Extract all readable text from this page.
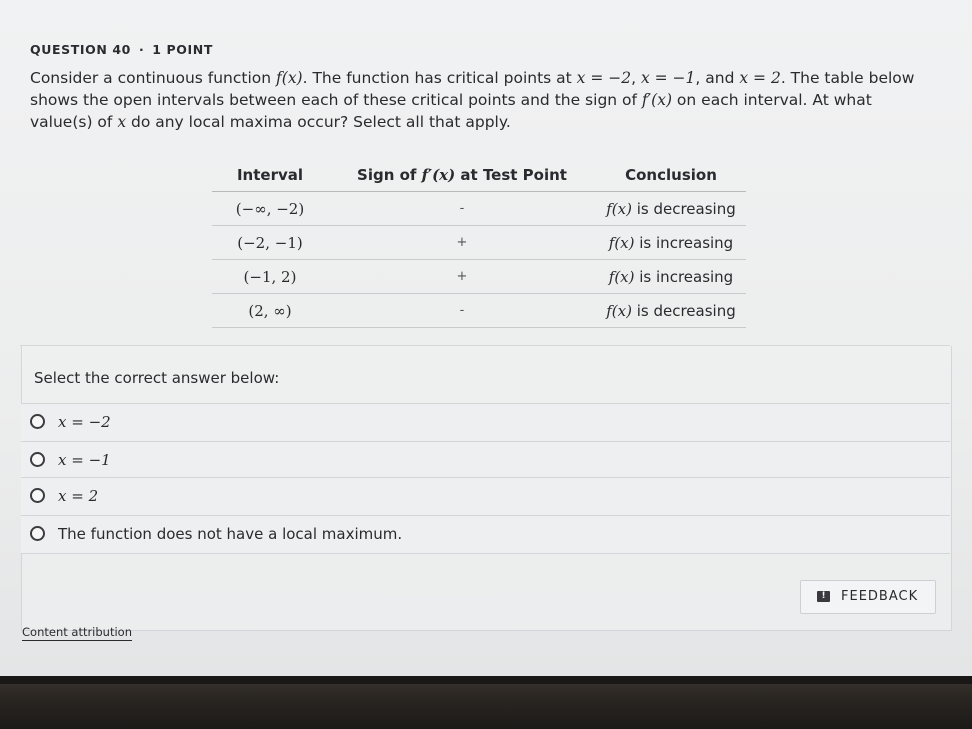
QUESTION 40 · 1 POINT
Consider a continuous function f(x). The function has critical points at x = −2, x = −1, and x = 2. The table below shows the open intervals between each of these critical points and the sign of f′(x) on each interval. At what value(s) of x do any local maxima occur? Select all that apply.
Interval	Sign of f′(x) at Test Point	Conclusion
(−∞, −2)	-	f(x) is decreasing
(−2, −1)	+	f(x) is increasing
(−1, 2)	+	f(x) is increasing
(2, ∞)	-	f(x) is decreasing
Select the correct answer below:
x = −2
x = −1
x = 2
The function does not have a local maximum.
!	FEEDBACK
Content attribution
